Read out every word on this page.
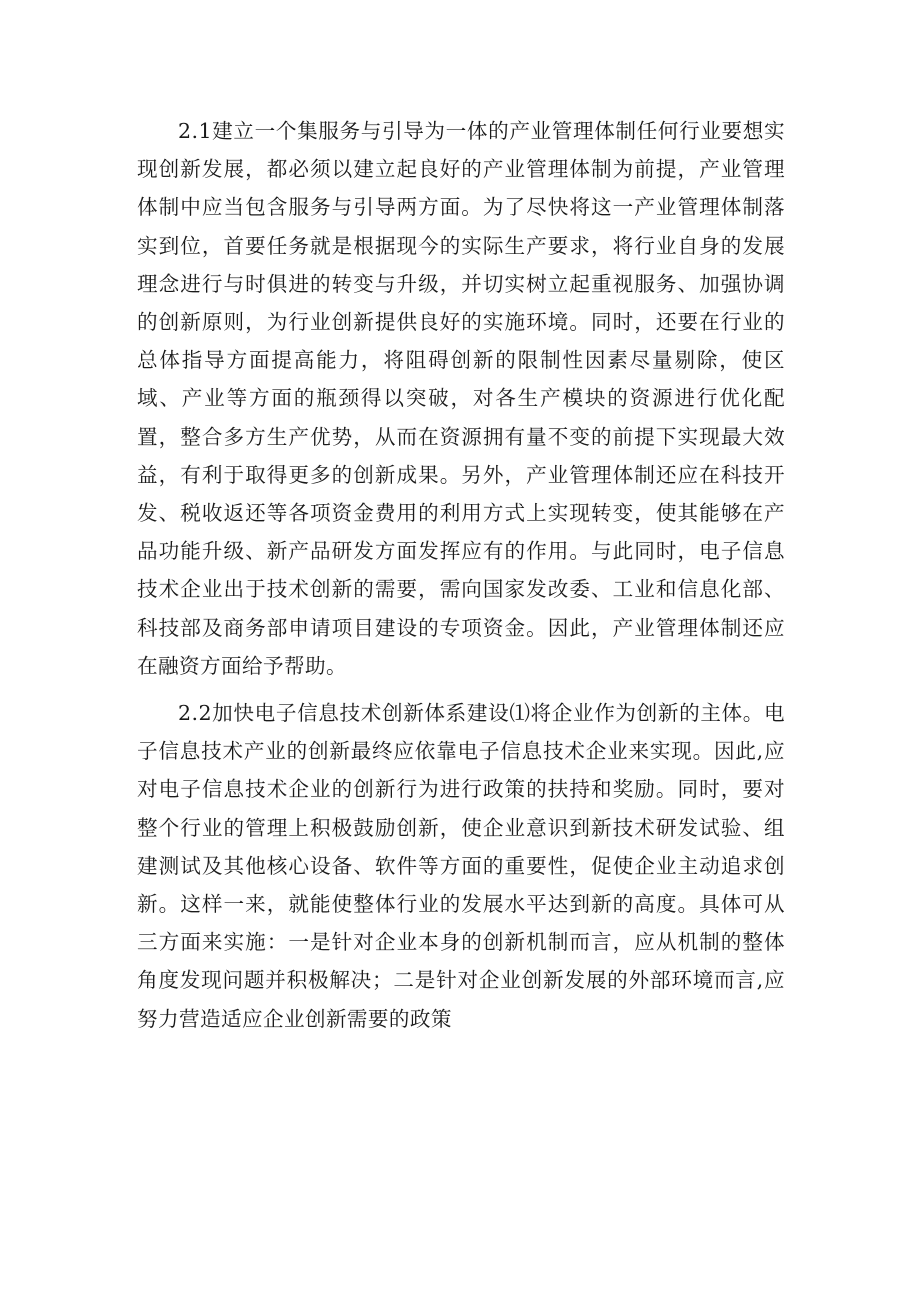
2.1建立一个集服务与引导为一体的产业管理体制任何行业要想实现创新发展，都必须以建立起良好的产业管理体制为前提，产业管理体制中应当包含服务与引导两方面。为了尽快将这一产业管理体制落实到位，首要任务就是根据现今的实际生产要求，将行业自身的发展理念进行与时俱进的转变与升级，并切实树立起重视服务、加强协调的创新原则，为行业创新提供良好的实施环境。同时，还要在行业的总体指导方面提高能力，将阻碍创新的限制性因素尽量剔除，使区域、产业等方面的瓶颈得以突破，对各生产模块的资源进行优化配置，整合多方生产优势，从而在资源拥有量不变的前提下实现最大效益，有利于取得更多的创新成果。另外，产业管理体制还应在科技开发、税收返还等各项资金费用的利用方式上实现转变，使其能够在产品功能升级、新产品研发方面发挥应有的作用。与此同时，电子信息技术企业出于技术创新的需要，需向国家发改委、工业和信息化部、科技部及商务部申请项目建设的专项资金。因此，产业管理体制还应在融资方面给予帮助。

2.2加快电子信息技术创新体系建设⑴将企业作为创新的主体。电子信息技术产业的创新最终应依靠电子信息技术企业来实现。因此,应对电子信息技术企业的创新行为进行政策的扶持和奖励。同时，要对整个行业的管理上积极鼓励创新，使企业意识到新技术研发试验、组建测试及其他核心设备、软件等方面的重要性，促使企业主动追求创新。这样一来，就能使整体行业的发展水平达到新的高度。具体可从三方面来实施：一是针对企业本身的创新机制而言，应从机制的整体角度发现问题并积极解决；二是针对企业创新发展的外部环境而言,应努力营造适应企业创新需要的政策
